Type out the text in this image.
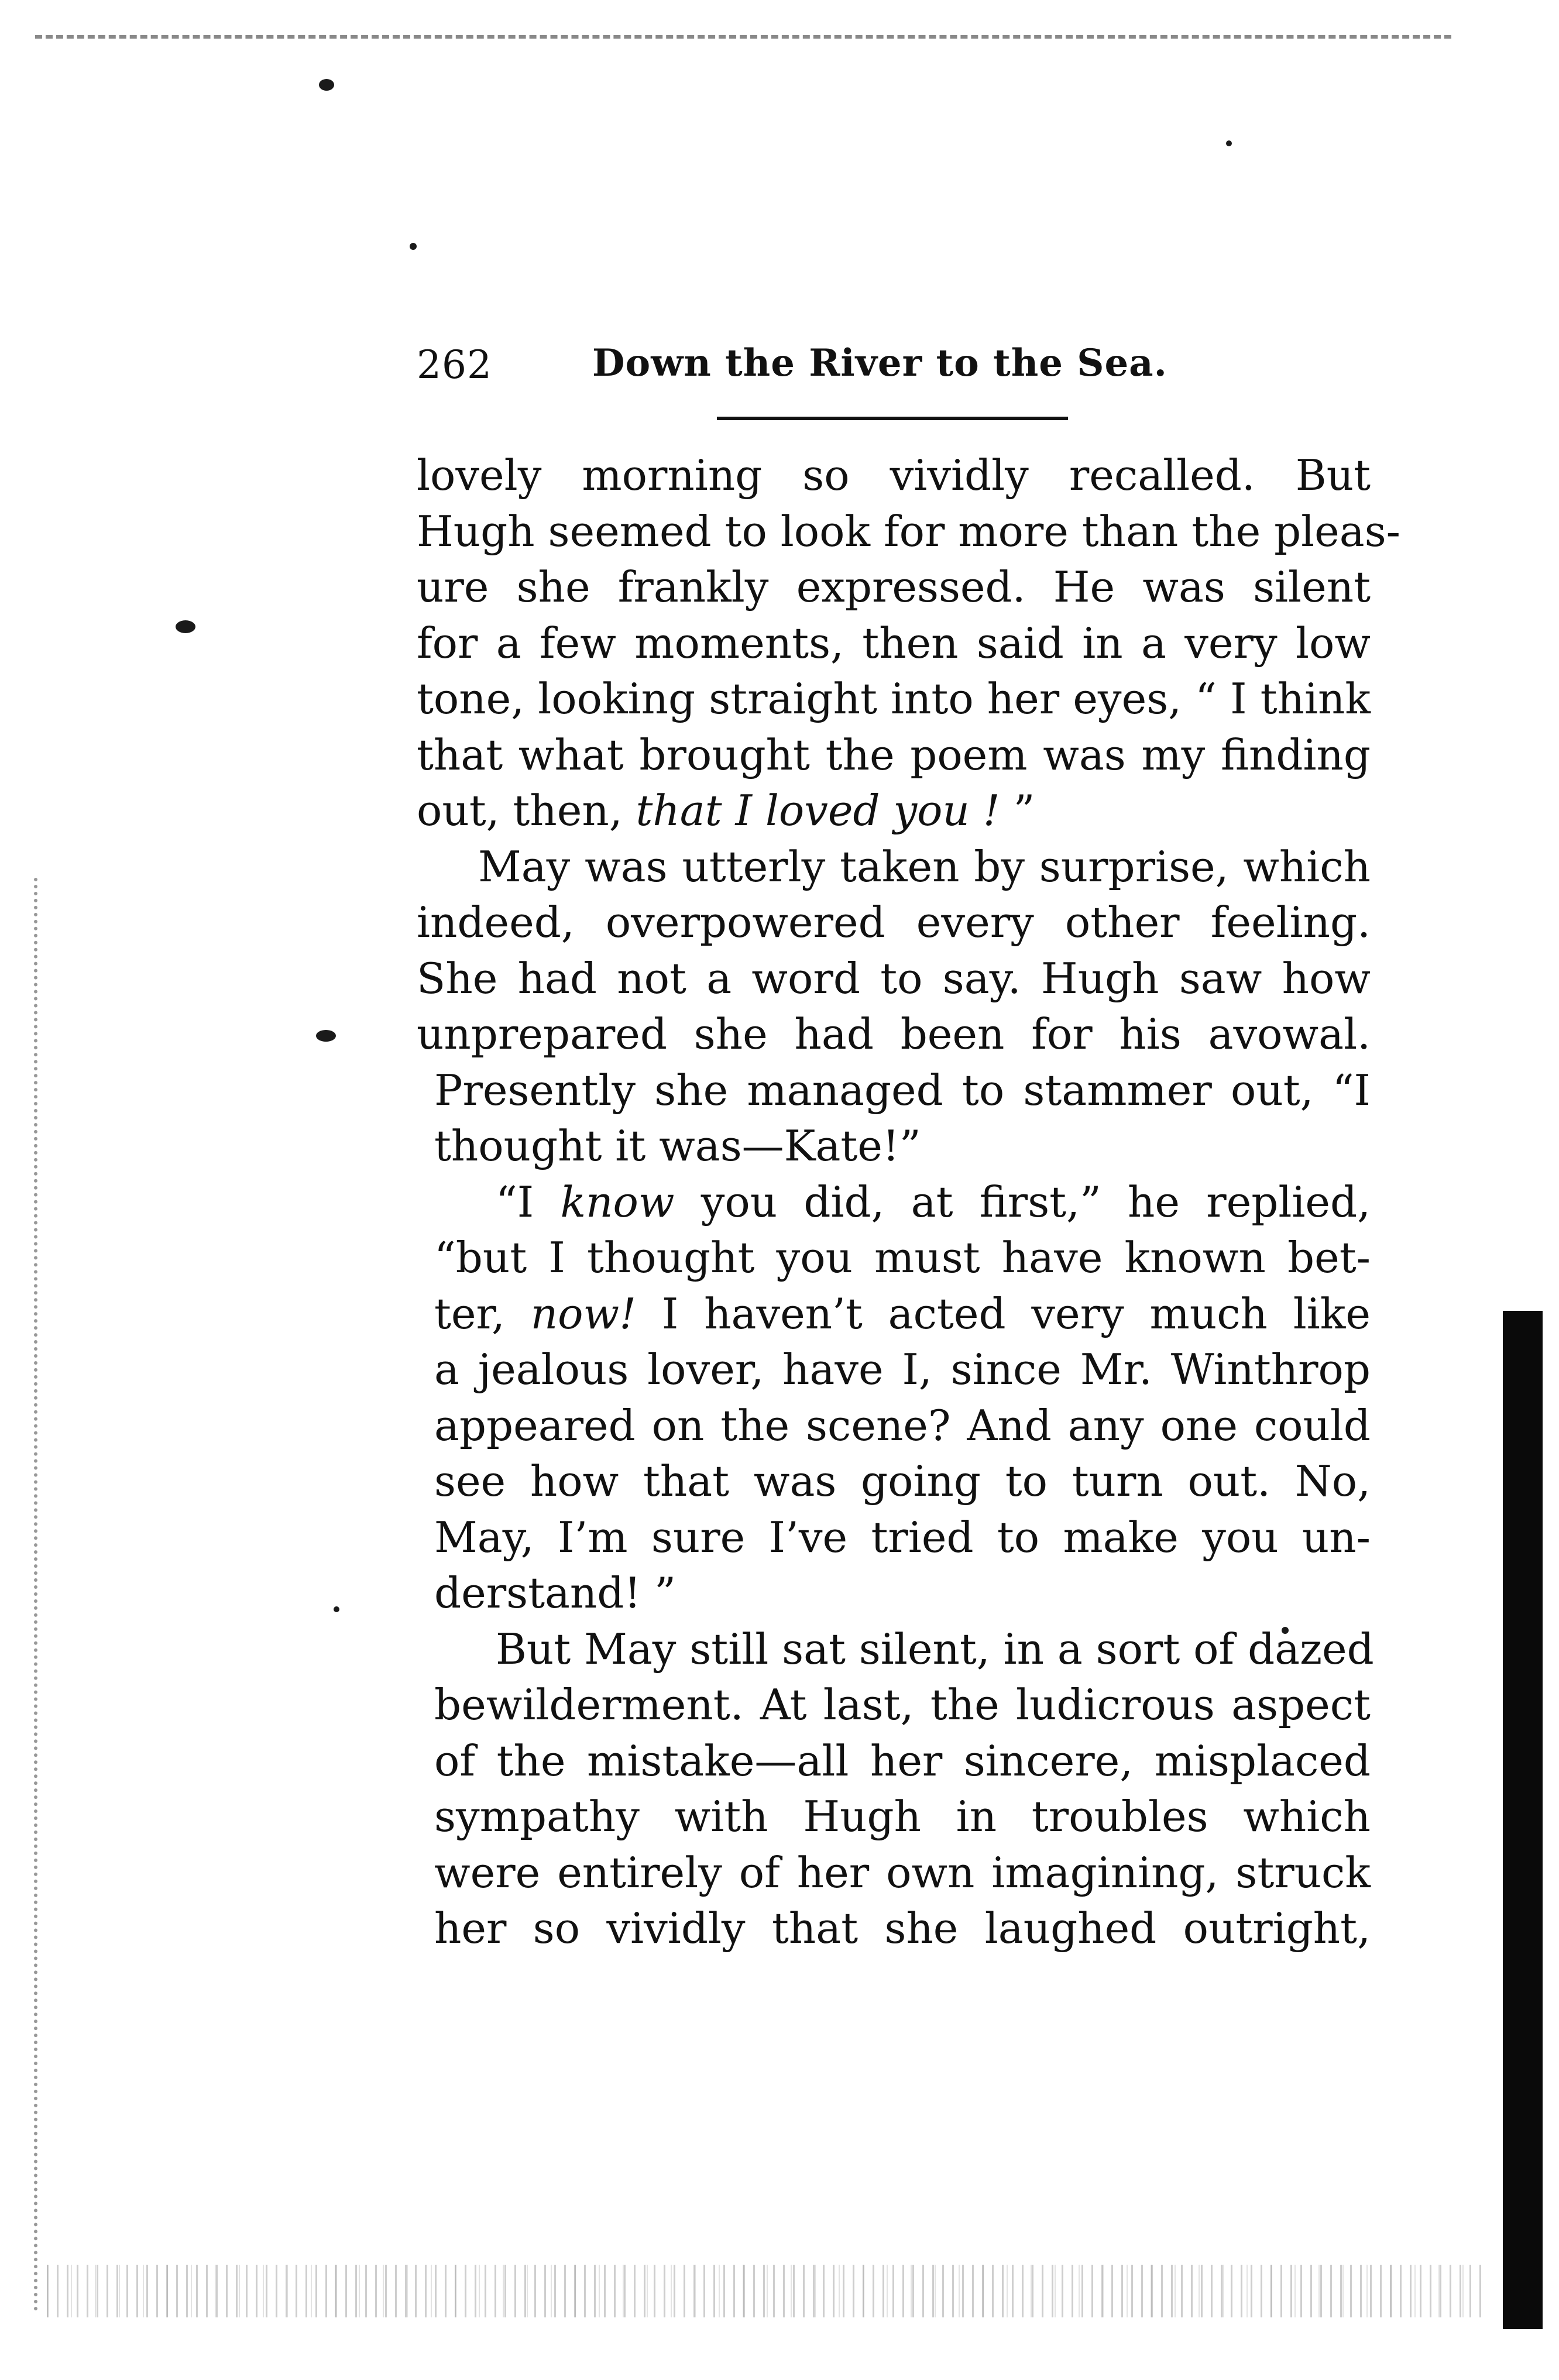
262	Down the River to the Sea.
lovely morning so vividly recalled. But
Hugh seemed to look for more than the pleas-
ure she frankly expressed. He was silent
for a few moments, then said in a very low
tone, looking straight into her eyes, “ I think
that what brought the poem was my finding
out, then, that I loved you ! ”
May was utterly taken by surprise, which
indeed, overpowered every other feeling.
She had not a word to say. Hugh saw how
unprepared she had been for his avowal.
Presently she managed to stammer out, “I
thought it was—Kate!”
“I know you did, at first,” he replied,
“but I thought you must have known bet-
ter, now! I haven’t acted very much like
a jealous lover, have I, since Mr. Winthrop
appeared on the scene? And any one could
see how that was going to turn out. No,
May, I’m sure I’ve tried to make you un-
derstand! ”
But May still sat silent, in a sort of dazed
bewilderment. At last, the ludicrous aspect
of the mistake—all her sincere, misplaced
sympathy with Hugh in troubles which
were entirely of her own imagining, struck
her so vividly that she laughed outright,
